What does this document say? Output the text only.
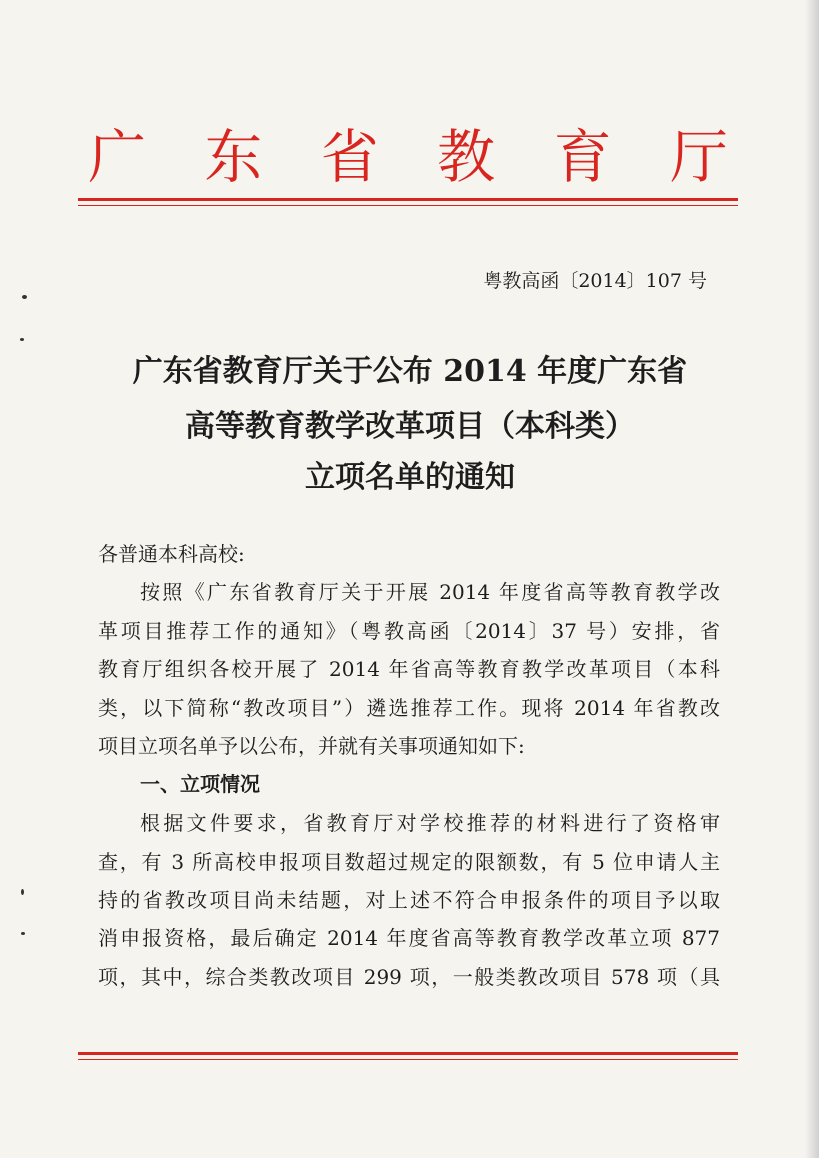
广 东 省 教 育 厅
粤教高函〔2014〕107 号
广东省教育厅关于公布 2014 年度广东省
高等教育教学改革项目（本科类）
立项名单的通知
各普通本科高校:
按照《广东省教育厅关于开展 2014 年度省高等教育教学改
革项目推荐工作的通知》（粤教高函〔2014〕37 号）安排，省
教育厅组织各校开展了 2014 年省高等教育教学改革项目（本科
类，以下简称“教改项目”）遴选推荐工作。现将 2014 年省教改
项目立项名单予以公布，并就有关事项通知如下:
一、立项情况
根据文件要求，省教育厅对学校推荐的材料进行了资格审
查，有 3 所高校申报项目数超过规定的限额数，有 5 位申请人主
持的省教改项目尚未结题，对上述不符合申报条件的项目予以取
消申报资格，最后确定 2014 年度省高等教育教学改革立项 877
项，其中，综合类教改项目 299 项，一般类教改项目 578 项（具
